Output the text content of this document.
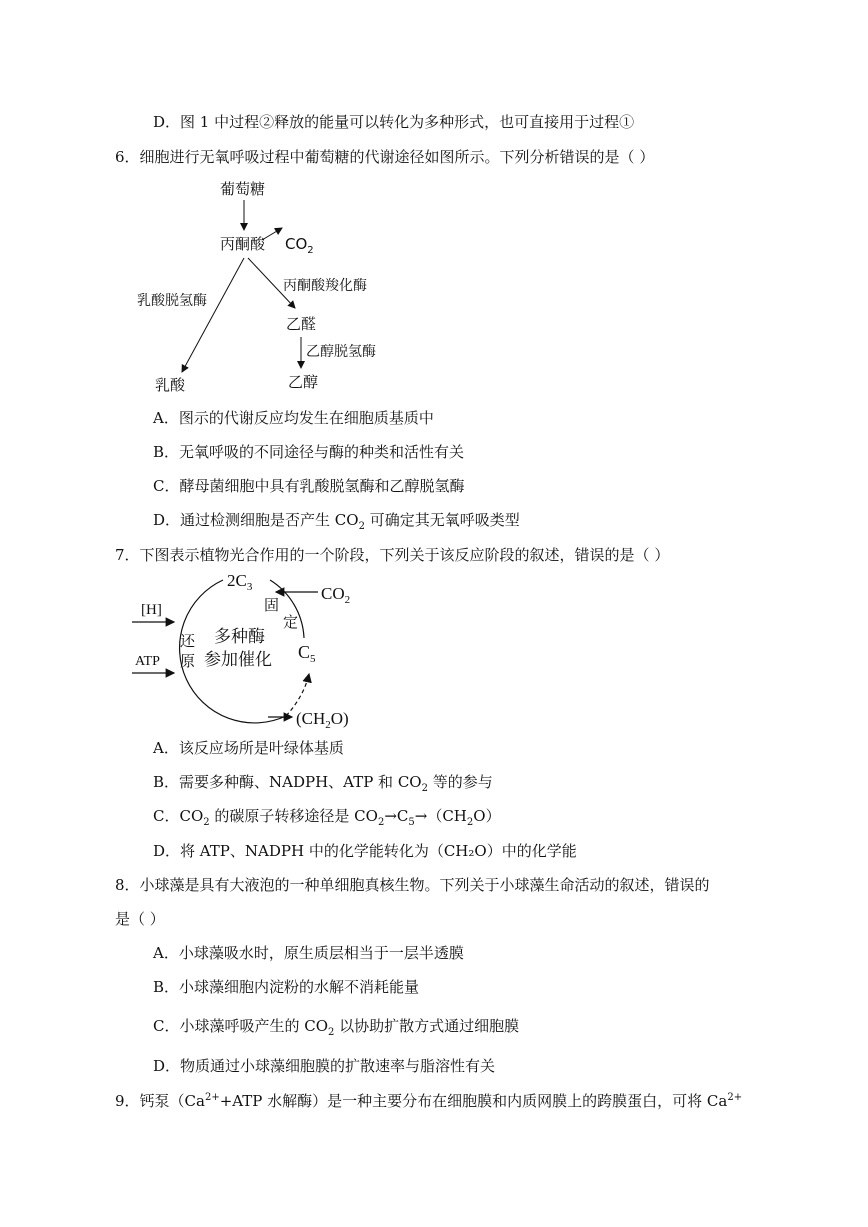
D．图 1 中过程②释放的能量可以转化为多种形式，也可直接用于过程①
6．细胞进行无氧呼吸过程中葡萄糖的代谢途径如图所示。下列分析错误的是（ ）
葡萄糖
丙酮酸 $CO_2$
丙酮酸羧化酶
乳酸脱氢酶
乙醛
乙醇脱氢酶
乳酸	乙醇
A．图示的代谢反应均发生在细胞质基质中
B．无氧呼吸的不同途径与酶的种类和活性有关
C．酵母菌细胞中具有乳酸脱氢酶和乙醇脱氢酶
D．通过检测细胞是否产生 $CO_2$ 可确定其无氧呼吸类型
7．下图表示植物光合作用的一个阶段，下列关于该反应阶段的叙述，错误的是（ ）
$CO_2$
$2C_3$
[H]
ATP
固
定
还
原
多种酶
参加催化 $C_5$
$(CH_2O)$
A．该反应场所是叶绿体基质
B．需要多种酶、NADPH、ATP 和 $CO_2$ 等的参与
C．$CO_2$ 的碳原子转移途径是 $CO_2\to C_5\to(CH_2O)$
D．将 ATP、NADPH 中的化学能转化为（CH₂O）中的化学能
8．小球藻是具有大液泡的一种单细胞真核生物。下列关于小球藻生命活动的叙述，错误的
是（ ）
A．小球藻吸水时，原生质层相当于一层半透膜
B．小球藻细胞内淀粉的水解不消耗能量
C．小球藻呼吸产生的 $CO_2$ 以协助扩散方式通过细胞膜
D．物质通过小球藻细胞膜的扩散速率与脂溶性有关
9．钙泵（$Ca^{2+}+ATP$ 水解酶）是一种主要分布在细胞膜和内质网膜上的跨膜蛋白，可将 $Ca^{2+}$
